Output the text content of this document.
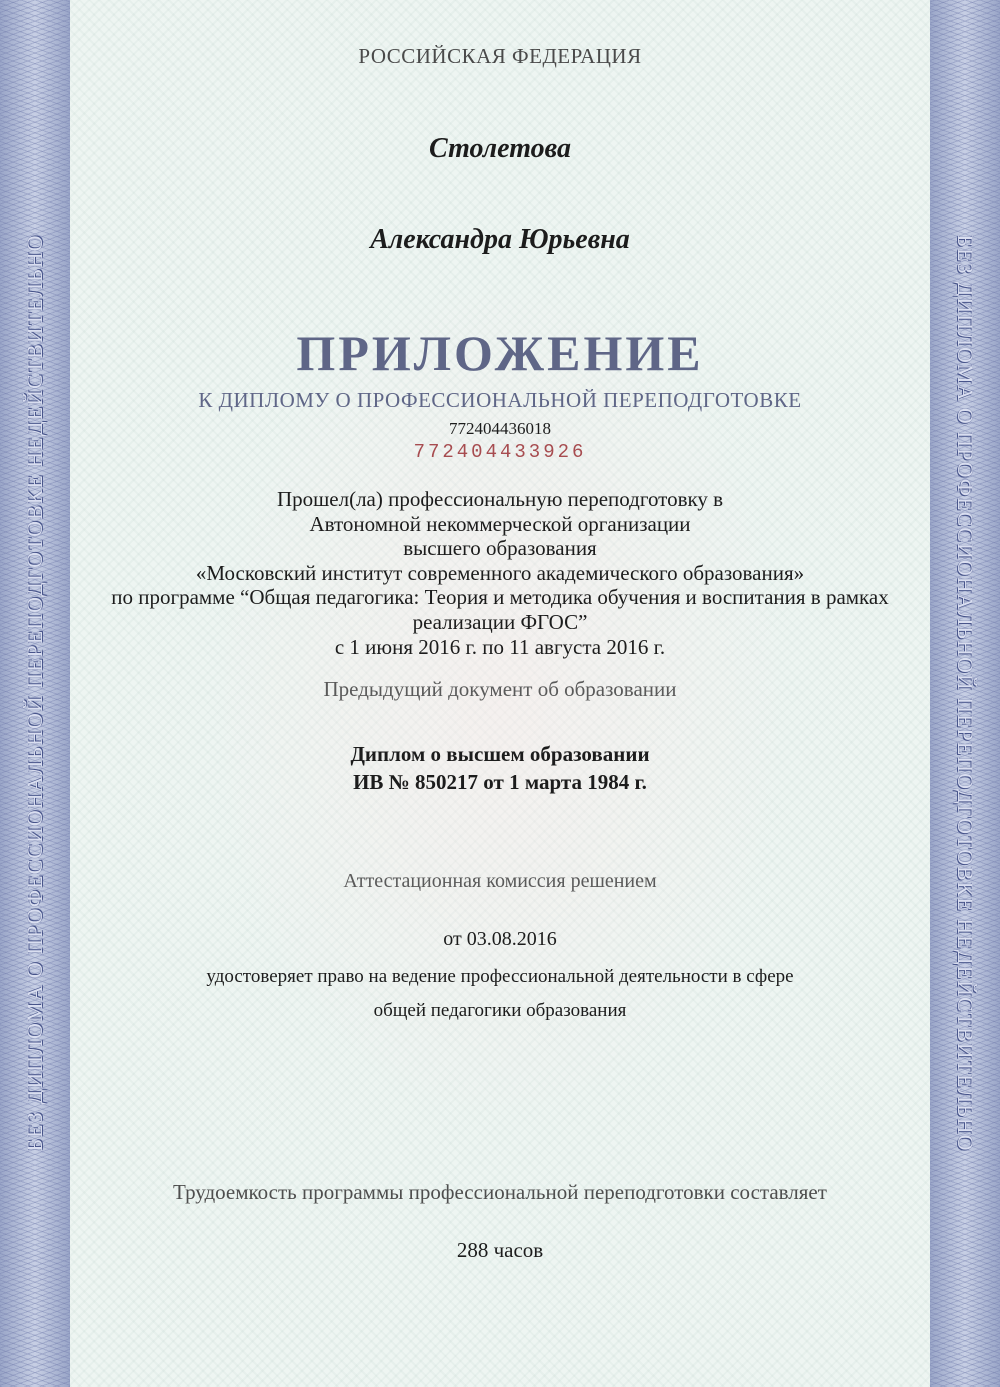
БЕЗ ДИПЛОМА О ПРОФЕССИОНАЛЬНОЙ ПЕРЕПОДГОТОВКЕ НЕДЕЙСТВИТЕЛЬНО	БЕЗ ДИПЛОМА О ПРОФЕССИОНАЛЬНОЙ ПЕРЕПОДГОТОВКЕ НЕДЕЙСТВИТЕЛЬНО
РОССИЙСКАЯ ФЕДЕРАЦИЯ
Столетова
Александра Юрьевна
ПРИЛОЖЕНИЕ
К ДИПЛОМУ О ПРОФЕССИОНАЛЬНОЙ ПЕРЕПОДГОТОВКЕ
772404436018
772404433926
Прошел(ла) профессиональную переподготовку в
Автономной некоммерческой организации
высшего образования
«Московский институт современного академического образования»
по программе “Общая педагогика: Теория и методика обучения и воспитания в рамках
реализации ФГОС”
с 1 июня 2016 г. по 11 августа 2016 г.
Предыдущий документ об образовании
Диплом о высшем образовании
ИВ № 850217 от 1 марта 1984 г.
Аттестационная комиссия решением
от 03.08.2016
удостоверяет право на ведение профессиональной деятельности в сфере
общей педагогики образования
Трудоемкость программы профессиональной переподготовки составляет
288 часов
